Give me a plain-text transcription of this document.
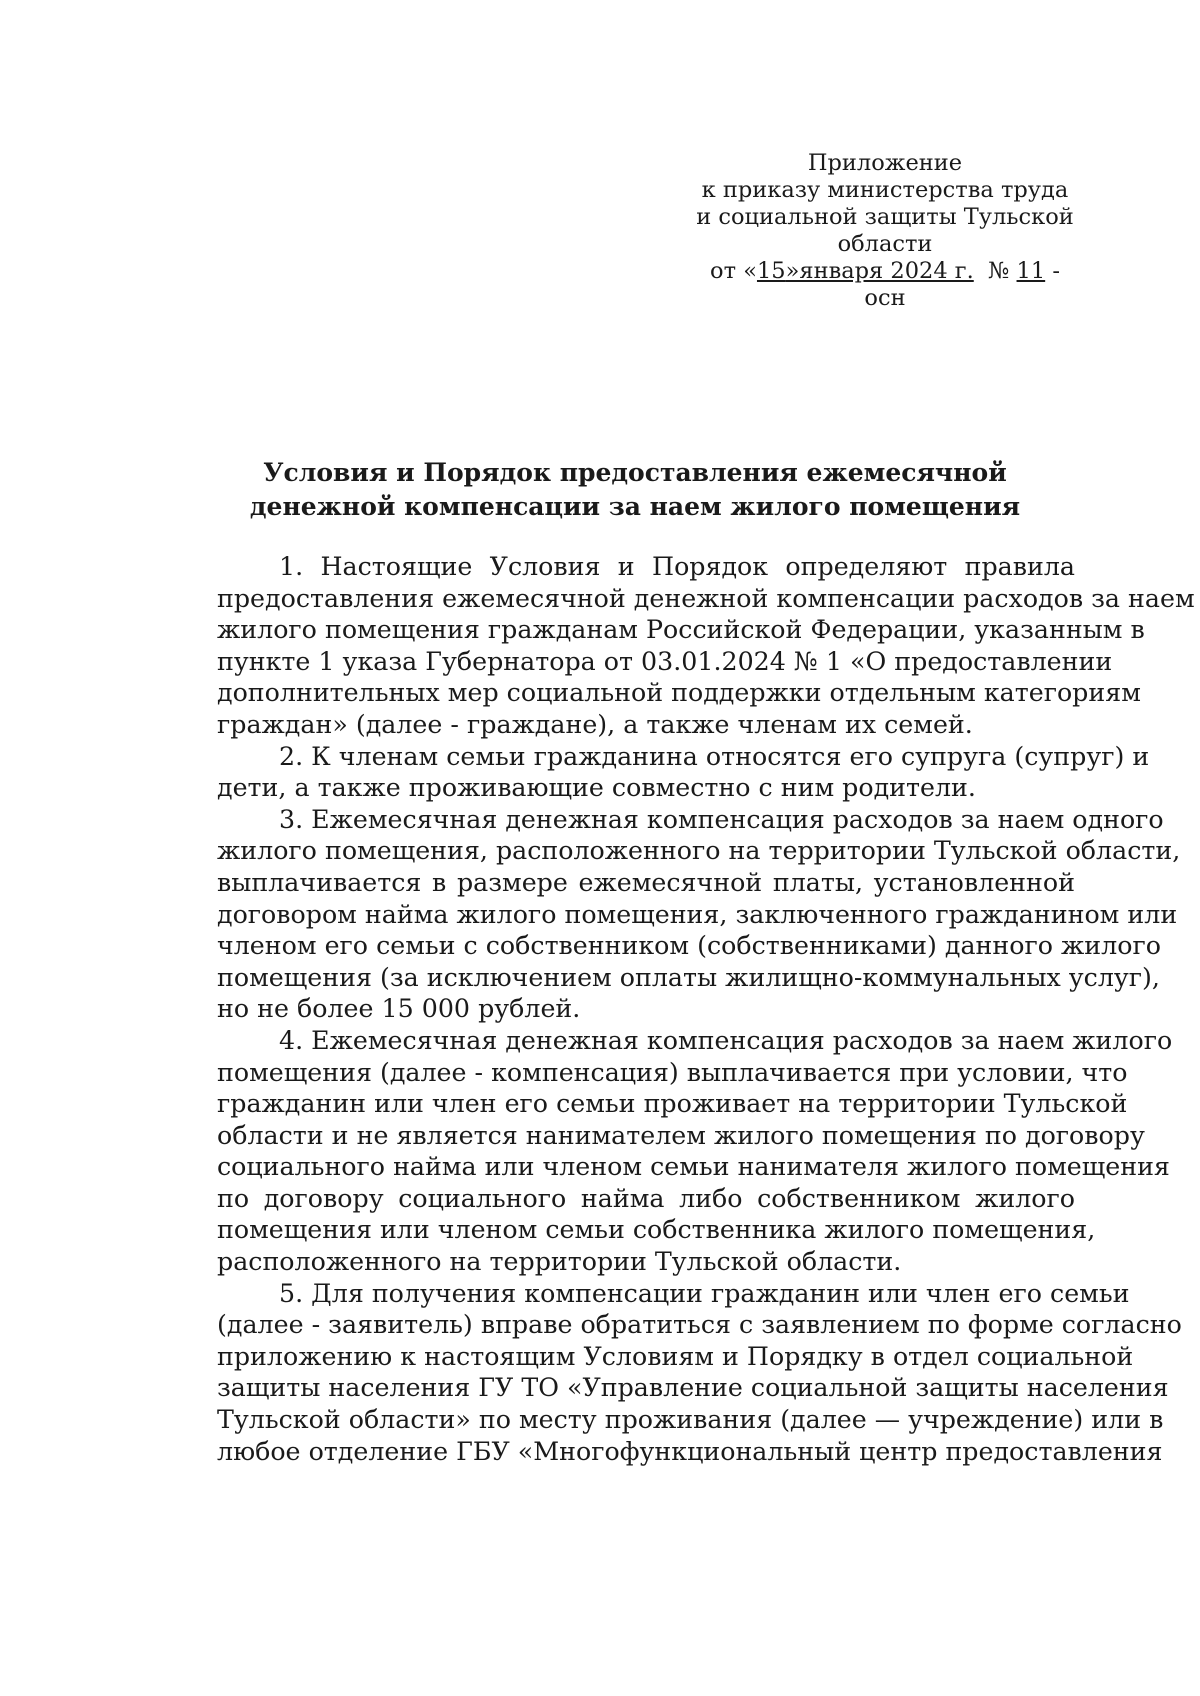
Приложение
к приказу министерства труда
и социальной защиты Тульской
области
от «15»января 2024 г. № 11 -осн
Условия и Порядок предоставления ежемесячной
денежной компенсации за наем жилого помещения
1. Настоящие Условия и Порядок определяют правила
предоставления ежемесячной денежной компенсации расходов за наем
жилого помещения гражданам Российской Федерации, указанным в
пункте 1 указа Губернатора от 03.01.2024 № 1 «О предоставлении
дополнительных мер социальной поддержки отдельным категориям
граждан» (далее - граждане), а также членам их семей.
2. К членам семьи гражданина относятся его супруга (супруг) и
дети, а также проживающие совместно с ним родители.
3. Ежемесячная денежная компенсация расходов за наем одного
жилого помещения, расположенного на территории Тульской области,
выплачивается в размере ежемесячной платы, установленной
договором найма жилого помещения, заключенного гражданином или
членом его семьи с собственником (собственниками) данного жилого
помещения (за исключением оплаты жилищно-коммунальных услуг),
но не более 15 000 рублей.
4. Ежемесячная денежная компенсация расходов за наем жилого
помещения (далее - компенсация) выплачивается при условии, что
гражданин или член его семьи проживает на территории Тульской
области и не является нанимателем жилого помещения по договору
социального найма или членом семьи нанимателя жилого помещения
по договору социального найма либо собственником жилого
помещения или членом семьи собственника жилого помещения,
расположенного на территории Тульской области.
5. Для получения компенсации гражданин или член его семьи
(далее - заявитель) вправе обратиться с заявлением по форме согласно
приложению к настоящим Условиям и Порядку в отдел социальной
защиты населения ГУ ТО «Управление социальной защиты населения
Тульской области» по месту проживания (далее — учреждение) или в
любое отделение ГБУ «Многофункциональный центр предоставления
